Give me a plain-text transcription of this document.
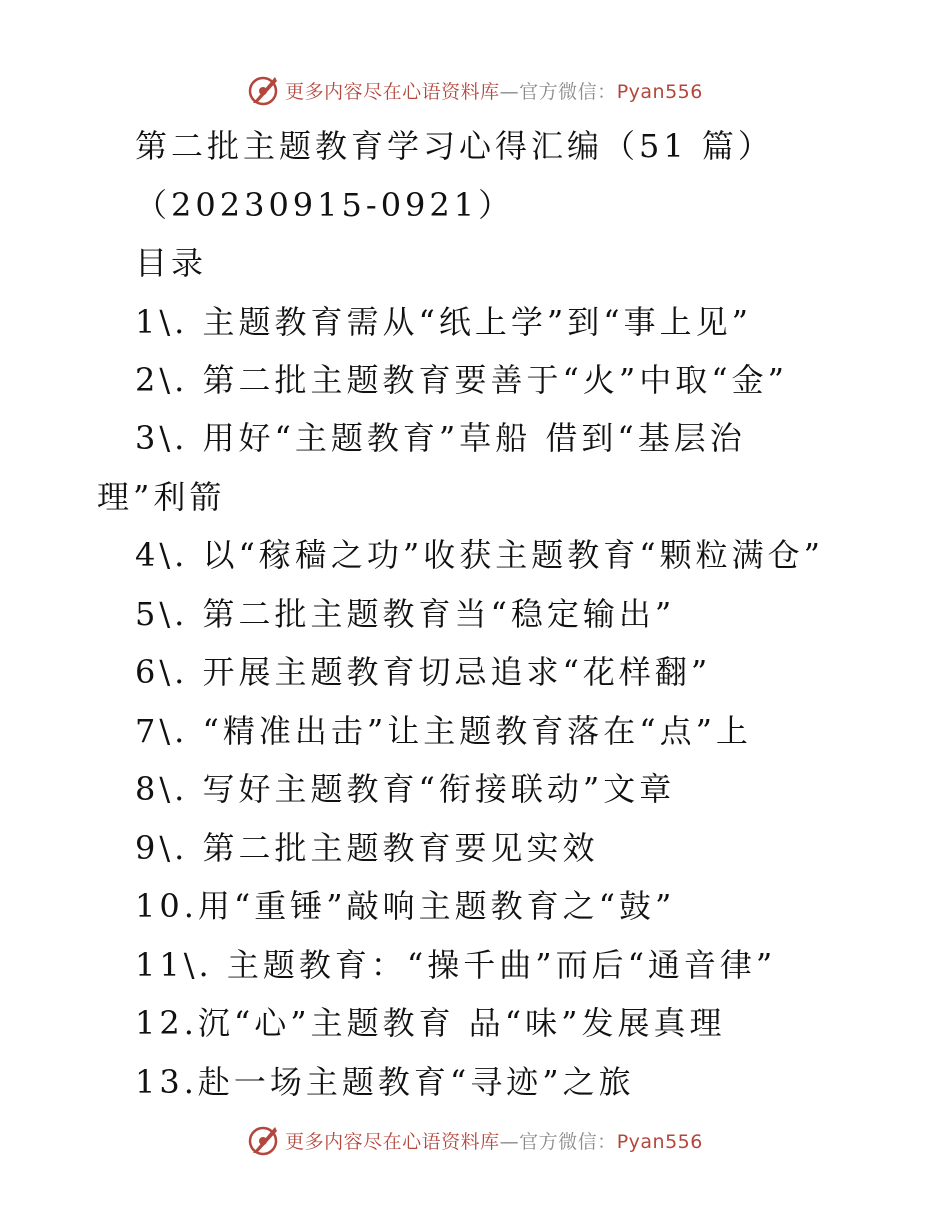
更多内容尽在心语资料库—官方微信：Pyan556
第二批主题教育学习心得汇编（51 篇）
（20230915-0921）
目录
1\. 主题教育需从“纸上学”到“事上见”
2\. 第二批主题教育要善于“火”中取“金”
3\. 用好“主题教育”草船 借到“基层治
理”利箭
4\. 以“稼穑之功”收获主题教育“颗粒满仓”
5\. 第二批主题教育当“稳定输出”
6\. 开展主题教育切忌追求“花样翻”
7\. “精准出击”让主题教育落在“点”上
8\. 写好主题教育“衔接联动”文章
9\. 第二批主题教育要见实效
10.用“重锤”敲响主题教育之“鼓”
11\. 主题教育：“操千曲”而后“通音律”
12.沉“心”主题教育 品“味”发展真理
13.赴一场主题教育“寻迹”之旅
更多内容尽在心语资料库—官方微信：Pyan556
